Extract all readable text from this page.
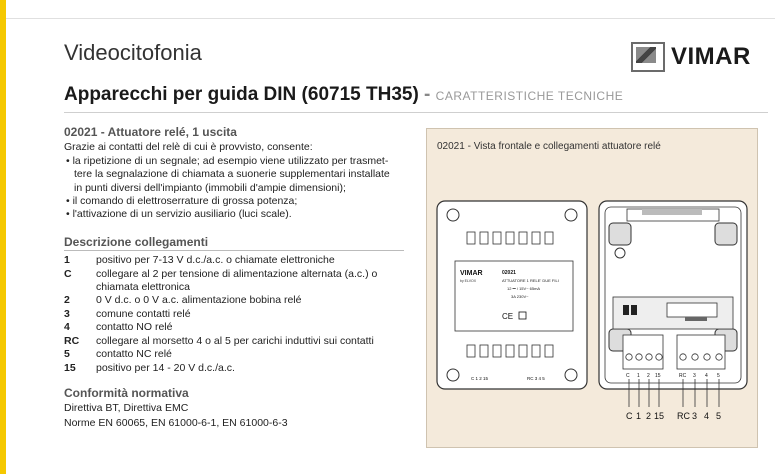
Videocitofonia	VIMAR
Apparecchi per guida DIN (60715 TH35) - CARATTERISTICHE TECNICHE

02021 - Attuatore relé, 1 uscita

Grazie ai contatti del relè di cui è provvisto, consente:

• la ripetizione di un segnale; ad esempio viene utilizzato per trasmet-

tere la segnalazione di chiamata a suonerie supplementari installate

in punti diversi dell'impianto (immobili d'ampie dimensioni);

• il comando di elettroserrature di grossa potenza;

• l'attivazione di un servizio ausiliario (luci scale).

Descrizione collegamenti

1	positivo per 7-13 V d.c./a.c. o chiamate elettroniche
C	collegare al 2 per tensione di alimentazione alternata (a.c.) o chiamata elettronica
2	0 V d.c. o 0 V a.c. alimentazione bobina relé
3	comune contatti relé
4	contatto NO relé
RC	collegare al morsetto 4 o al 5 per carichi induttivi sui contatti
5	contatto NC relé
15	positivo per 14 - 20 V d.c./a.c.

Conformità normativa

Direttiva BT, Direttiva EMC

Norme EN 60065, EN 61000-6-1, EN 61000-6-3

02021 - Vista frontale e collegamenti attuatore relé
VIMAR
by ELVOX
02021
ATTUATORE 1 RELE' DUE FILI
12 ⎓ / 15V~ 65mA
3A 230V~
CE
C 1 2 15	RC 3 4 5	C 1 2 15	RC 3 4 5
C 1 2 15 RC 3 4 5
